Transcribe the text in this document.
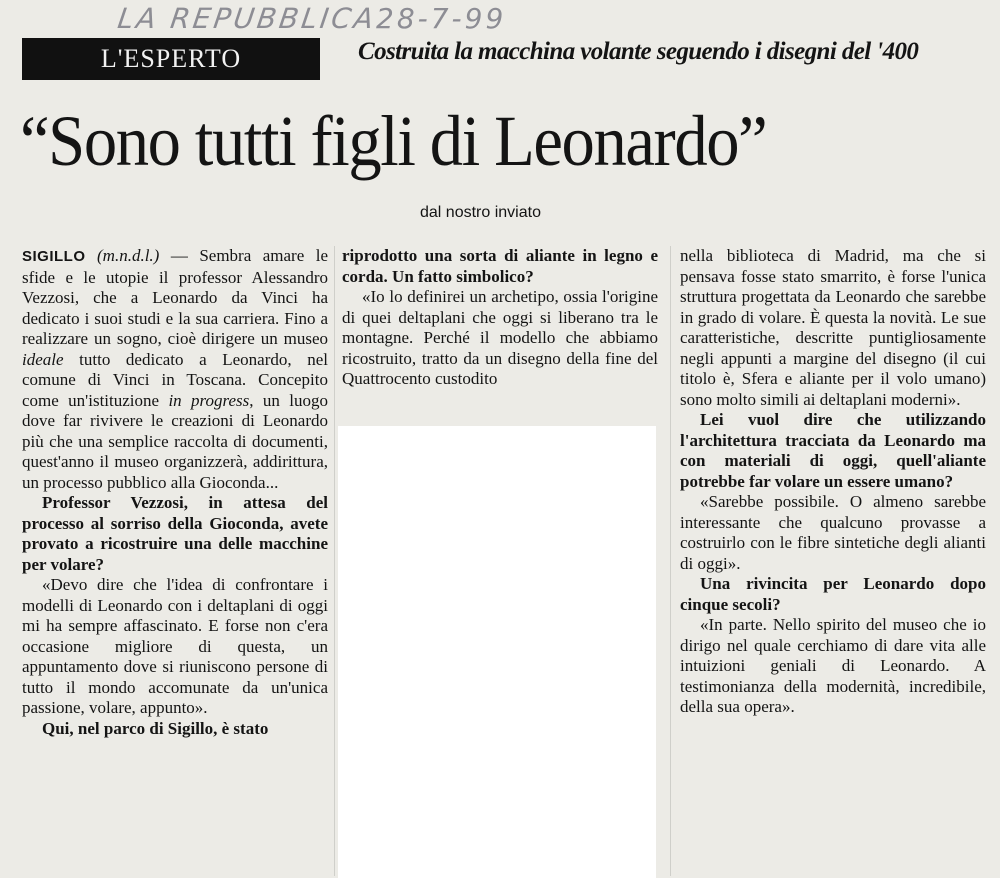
LA REPUBBLICA
28-7-99
L'ESPERTO	Costruita la macchina volante seguendo i disegni del '400
“Sono tutti figli di Leonardo”
dal nostro inviato

SIGILLO (m.n.d.l.) — Sembra amare le sfide e le utopie il professor Alessandro Vezzosi, che a Leonardo da Vinci ha dedicato i suoi studi e la sua carriera. Fino a realizzare un sogno, cioè dirigere un museo ideale tutto dedicato a Leonardo, nel comune di Vinci in Toscana. Concepito come un'istituzione in progress, un luogo dove far rivivere le creazioni di Leonardo più che una semplice raccolta di documenti, quest'anno il museo organizzerà, addirittura, un processo pubblico alla Gioconda...

Professor Vezzosi, in attesa del processo al sorriso della Gioconda, avete provato a ricostruire una delle macchine per volare?

«Devo dire che l'idea di confrontare i modelli di Leonardo con i deltaplani di oggi mi ha sempre affascinato. E forse non c'era occasione migliore di questa, un appuntamento dove si riuniscono persone di tutto il mondo accomunate da un'unica passione, volare, appunto».

Qui, nel parco di Sigillo, è stato

riprodotto una sorta di aliante in legno e corda. Un fatto simbolico?

«Io lo definirei un archetipo, ossia l'origine di quei deltaplani che oggi si liberano tra le montagne. Perché il modello che abbiamo ricostruito, tratto da un disegno della fine del Quattrocento custodito

nella biblioteca di Madrid, ma che si pensava fosse stato smarrito, è forse l'unica struttura progettata da Leonardo che sarebbe in grado di volare. È questa la novità. Le sue caratteristiche, descritte puntigliosamente negli appunti a margine del disegno (il cui titolo è, Sfera e aliante per il volo umano) sono molto simili ai deltaplani moderni».

Lei vuol dire che utilizzando l'architettura tracciata da Leonardo ma con materiali di oggi, quell'aliante potrebbe far volare un essere umano?

«Sarebbe possibile. O almeno sarebbe interessante che qualcuno provasse a costruirlo con le fibre sintetiche degli alianti di oggi».

Una rivincita per Leonardo dopo cinque secoli?

«In parte. Nello spirito del museo che io dirigo nel quale cerchiamo di dare vita alle intuizioni geniali di Leonardo. A testimonianza della modernità, incredibile, della sua opera».
